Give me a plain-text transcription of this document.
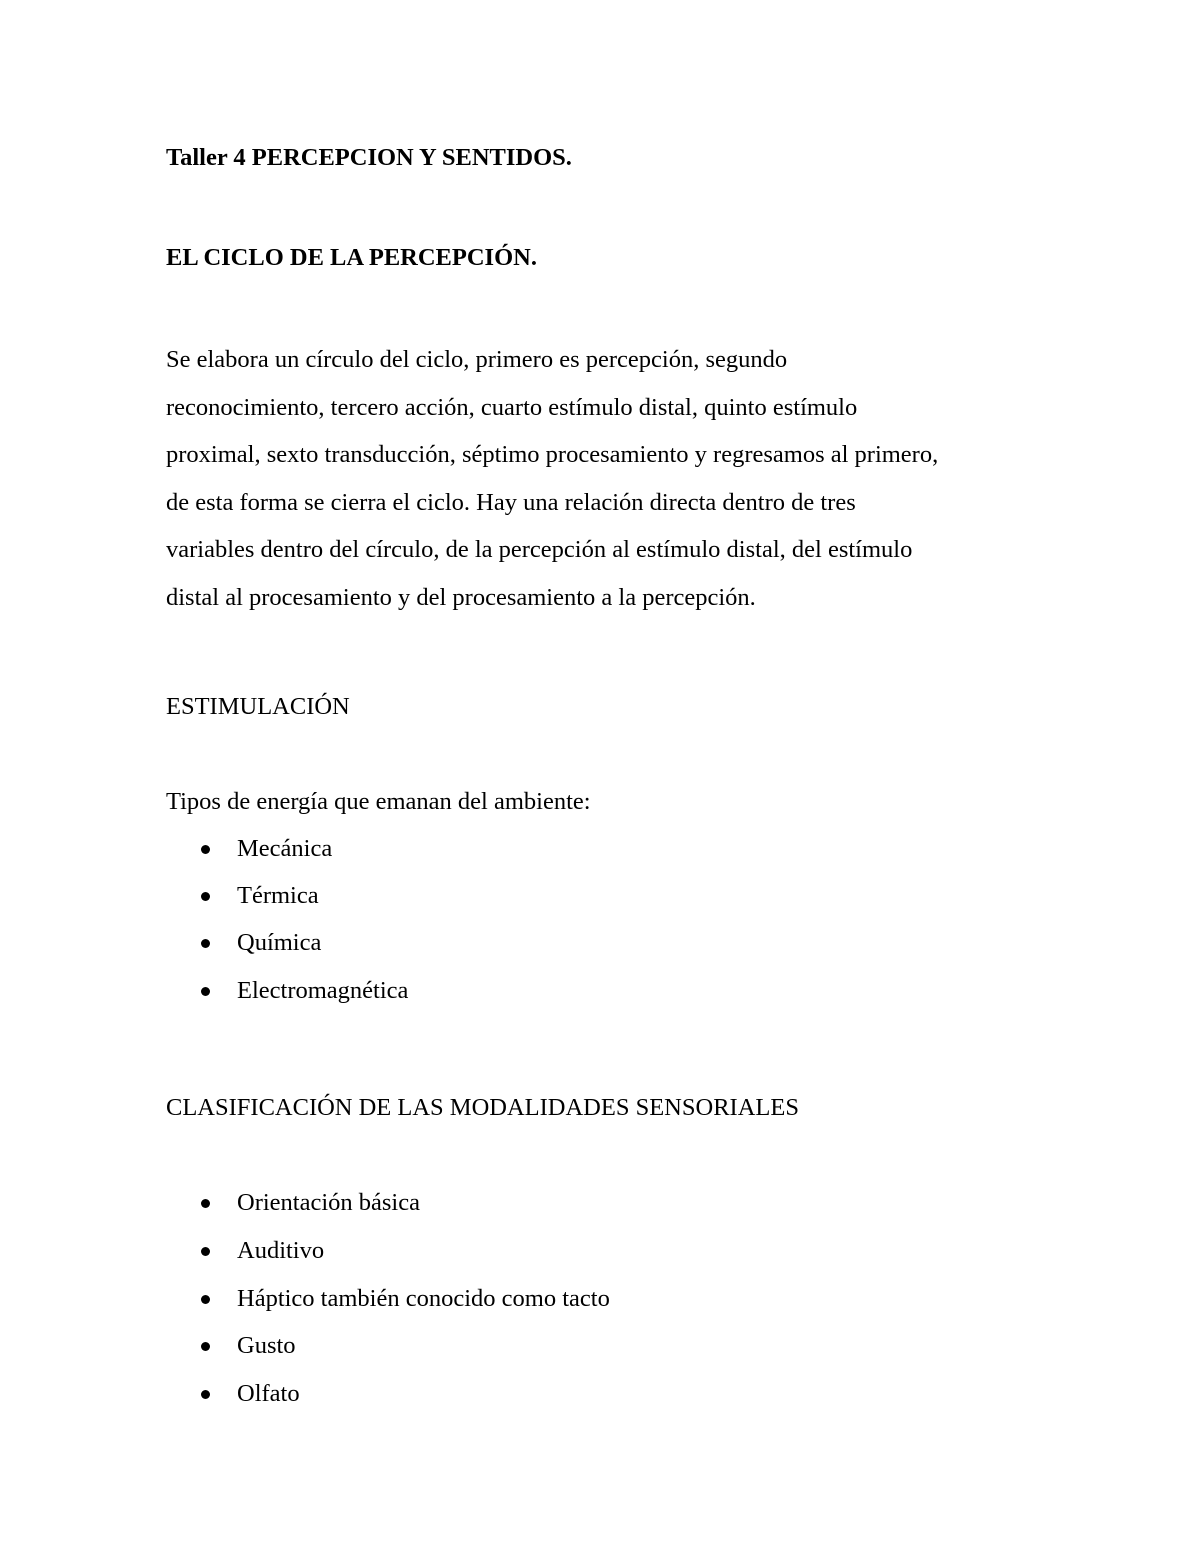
Taller 4 PERCEPCION Y SENTIDOS.
EL CICLO DE LA PERCEPCIÓN.
Se elabora un círculo del ciclo, primero es percepción, segundo
reconocimiento, tercero acción, cuarto estímulo distal, quinto estímulo
proximal, sexto transducción, séptimo procesamiento y regresamos al primero,
de esta forma se cierra el ciclo. Hay una relación directa dentro de tres
variables dentro del círculo, de la percepción al estímulo distal, del estímulo
distal al procesamiento y del procesamiento a la percepción.
ESTIMULACIÓN
Tipos de energía que emanan del ambiente:
Mecánica
Térmica
Química
Electromagnética
CLASIFICACIÓN DE LAS MODALIDADES SENSORIALES
Orientación básica
Auditivo
Háptico también conocido como tacto
Gusto
Olfato
